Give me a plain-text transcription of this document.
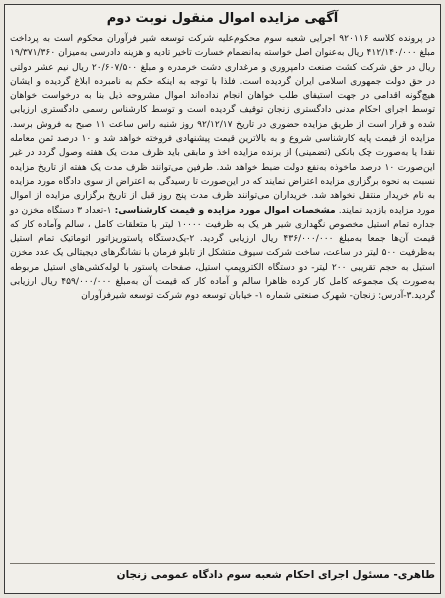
آگهی مزایده اموال منقول نوبت دوم

در پرونده کلاسه ۹۲۰۱۱۶ اجرایی شعبه سوم محکوم‌علیه شرکت توسعه شیر فرآوران محکوم است به پرداخت مبلغ ۴۱۲/۱۴۰/۰۰۰ ریال به‌عنوان اصل خواسته به‌انضمام خسارت تاخیر تادیه و هزینه دادرسی به‌میزان ۱۹/۳۷۱/۳۶۰ ریال در حق شرکت کشت صنعت دامپروری و مرغداری دشت خرمدره و مبلغ ۲۰/۶۰۷/۵۰۰ ریال نیم عشر دولتی در حق دولت جمهوری اسلامی ایران گردیده است. فلذا با توجه به اینکه حکم به نامبرده ابلاغ گردیده و ایشان هیچ‌گونه اقدامی در جهت استیفای طلب خواهان انجام نداده‌اند اموال مشروحه ذیل بنا به درخواست خواهان توسط اجرای احکام مدنی دادگستری زنجان توقیف گردیده است و توسط کارشناس رسمی دادگستری ارزیابی شده و قرار است از طریق مزایده حضوری در تاریخ ۹۲/۱۲/۱۷ روز شنبه راس ساعت ۱۱ صبح به فروش برسد. مزایده از قیمت پایه کارشناسی شروع و به بالاترین قیمت پیشنهادی فروخته خواهد شد و ۱۰ درصد ثمن معامله نقدا یا به‌صورت چک بانکی (تضمینی) از برنده مزایده اخذ و مابقی باید ظرف مدت یک هفته وصول گردد در غیر این‌صورت ۱۰ درصد ماخوذه به‌نفع دولت ضبط خواهد شد. طرفین می‌توانند ظرف مدت یک هفته از تاریخ مزایده نسبت به نحوه برگزاری مزایده اعتراض نمایند که در این‌صورت تا رسیدگی به اعتراض از سوی دادگاه مورد مزایده به نام خریدار منتقل نخواهد شد. خریداران می‌توانند ظرف مدت پنج روز قبل از تاریخ برگزاری مزایده از اموال مورد مزایده بازدید نمایند. مشخصات اموال مورد مزایده و قیمت کارشناسی: ۱-تعداد ۳ دستگاه مخزن دو جداره تمام استیل مخصوص نگهداری شیر هر یک به ظرفیت ۱۰۰۰۰ لیتر با متعلقات کامل ، سالم وآماده کار که قیمت آن‌ها جمعا به‌مبلغ ۴۳۶/۰۰۰/۰۰۰ ریال ارزیابی گردید. ۲-یک‌دستگاه پاستوریزاتور اتوماتیک تمام استیل به‌ظرفیت ۵۰۰ لیتر در ساعت، ساخت شرکت سیوف متشکل از تابلو فرمان با نشانگرهای دیجیتالی یک عدد مخزن استیل به حجم تقریبی ۲۰۰ لیتر- دو دستگاه الکتروپمپ استیل، صفحات پاستور با لوله‌کشی‌های استیل مربوطه به‌صورت یک مجموعه کامل کار کرده ظاهرا سالم و آماده کار که قیمت آن به‌مبلغ ۴۵۹/۰۰۰/۰۰۰ ریال ارزیابی گردید.۳-آدرس: زنجان- شهرک صنعتی شماره ۱- خیابان توسعه دوم شرکت توسعه شیرفرآوران

طاهری- مسئول اجرای احکام شعبه سوم دادگاه عمومی زنجان
